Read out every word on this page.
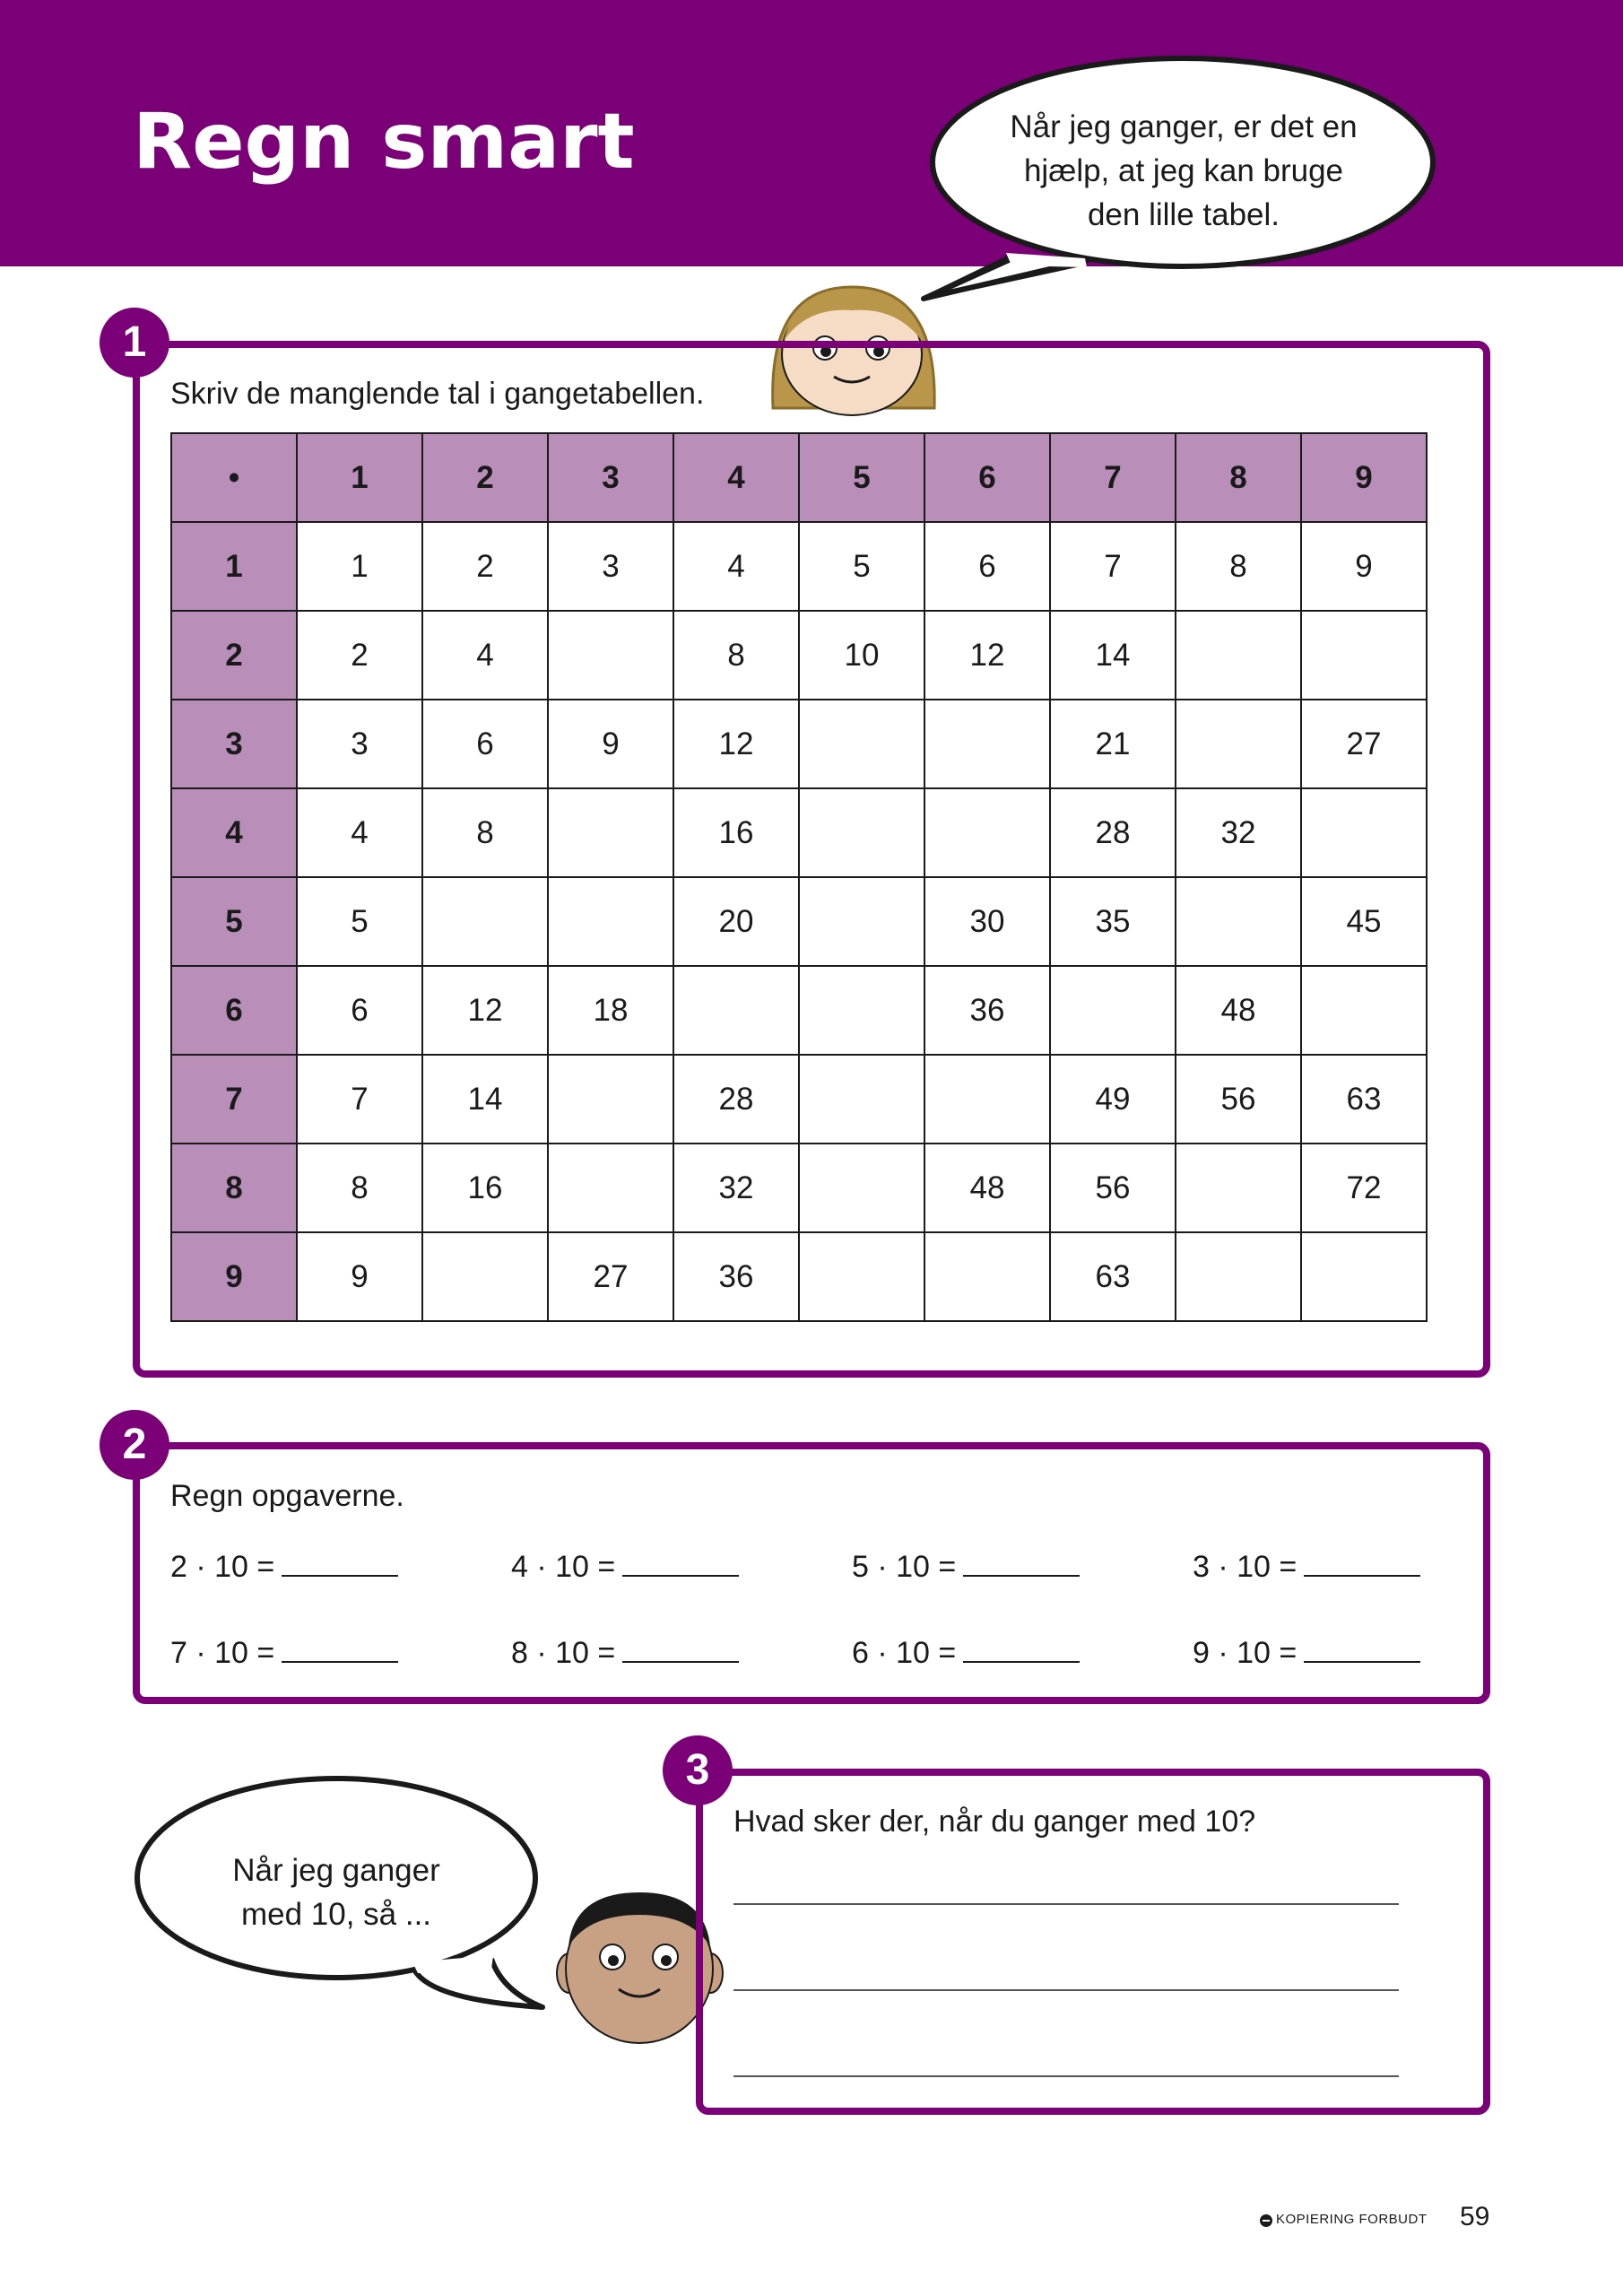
Regn smart	Når jeg ganger, er det en
hjælp, at jeg kan bruge
den lille tabel.
1
Skriv de manglende tal i gangetabellen.
•	1	2	3	4	5	6	7	8	9
1	1	2	3	4	5	6	7	8	9
2	2	4		8	10	12	14		
3	3	6	9	12			21		27
4	4	8		16			28	32	
5	5			20		30	35		45
6	6	12	18			36		48	
7	7	14		28			49	56	63
8	8	16		32		48	56		72
9	9		27	36			63		
2
Regn opgaverne.
2 · 10 =	4 · 10 =	5 · 10 =	3 · 10 =
7 · 10 =	8 · 10 =	6 · 10 =	9 · 10 =
3
Hvad sker der, når du ganger med 10?
Når jeg ganger
med 10, så ...
KOPIERING FORBUDT 59
